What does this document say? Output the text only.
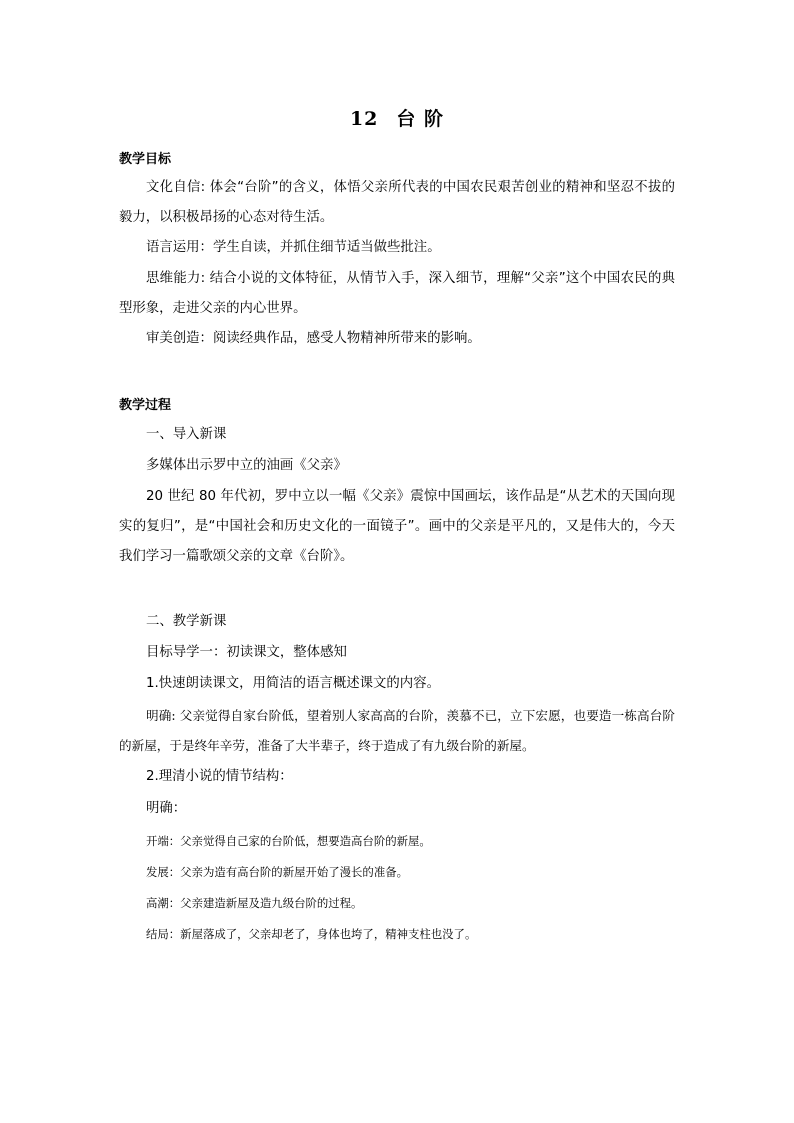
12 台 阶
教学目标
文化自信: 体会“台阶”的含义，体悟父亲所代表的中国农民艰苦创业的精神和坚忍不拔的毅力，以积极昂扬的心态对待生活。
语言运用：学生自读，并抓住细节适当做些批注。
思维能力: 结合小说的文体特征，从情节入手，深入细节，理解“父亲”这个中国农民的典型形象，走进父亲的内心世界。
审美创造：阅读经典作品，感受人物精神所带来的影响。
教学过程
一、导入新课
多媒体出示罗中立的油画《父亲》
20 世纪 80 年代初，罗中立以一幅《父亲》震惊中国画坛，该作品是“从艺术的天国向现实的复归”，是“中国社会和历史文化的一面镜子”。画中的父亲是平凡的，又是伟大的，今天我们学习一篇歌颂父亲的文章《台阶》。
二、教学新课
目标导学一：初读课文，整体感知
1.快速朗读课文，用简洁的语言概述课文的内容。
明确: 父亲觉得自家台阶低，望着别人家高高的台阶，羡慕不已，立下宏愿，也要造一栋高台阶的新屋，于是终年辛劳，准备了大半辈子，终于造成了有九级台阶的新屋。
2.理清小说的情节结构：
明确：
开端：父亲觉得自己家的台阶低，想要造高台阶的新屋。
发展：父亲为造有高台阶的新屋开始了漫长的准备。
高潮：父亲建造新屋及造九级台阶的过程。
结局：新屋落成了，父亲却老了，身体也垮了，精神支柱也没了。
